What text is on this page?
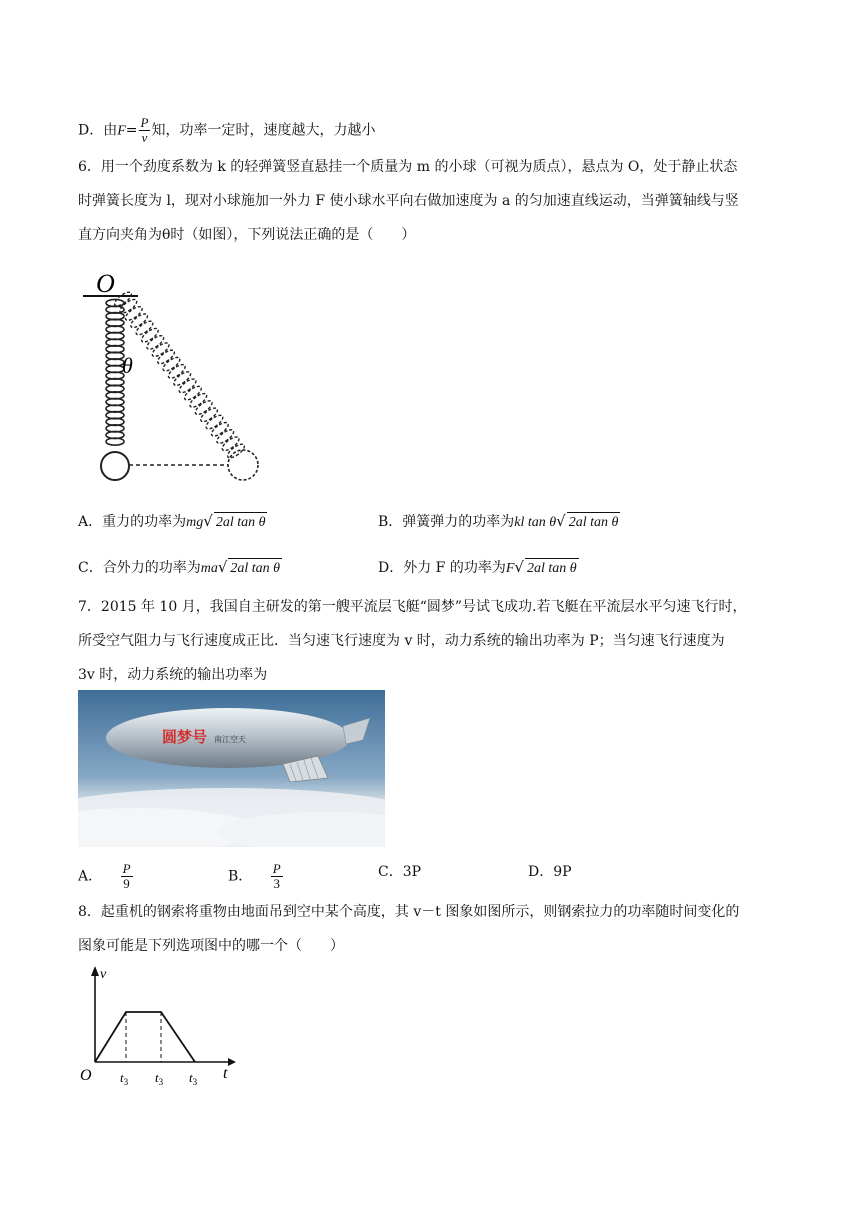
D．由$F= \frac{P}{v}$ 知，功率一定时，速度越大，力越小
6．用一个劲度系数为 k 的轻弹簧竖直悬挂一个质量为 m 的小球（可视为质点），悬点为 O，处于静止状态
时弹簧长度为 l，现对小球施加一外力 F 使小球水平向右做加速度为 a 的匀加速直线运动，当弹簧轴线与竖
直方向夹角为θ时（如图），下列说法正确的是（　　）
O
θ
A．重力的功率为mg√ 2al tan θ	B．弹簧弹力的功率为kl tan θ√ 2al tan θ
C．合外力的功率为ma√ 2al tan θ	D．外力 F 的功率为F√ 2al tan θ
7．2015 年 10 月，我国自主研发的第一艘平流层飞艇“圆梦”号试飞成功.若飞艇在平流层水平匀速飞行时，
所受空气阻力与飞行速度成正比．当匀速飞行速度为 v 时，动力系统的输出功率为 P；当匀速飞行速度为
3v 时，动力系统的输出功率为
圆梦号 南江空天
A． $\frac{P}{9}$	B． $\frac{P}{3}$	C．3P	D．9P
8．起重机的钢索将重物由地面吊到空中某个高度，其 v－t 图象如图所示，则钢索拉力的功率随时间变化的
图象可能是下列选项图中的哪一个（　　）
v
t
O $t_3$ $t_3$ $t_3$
